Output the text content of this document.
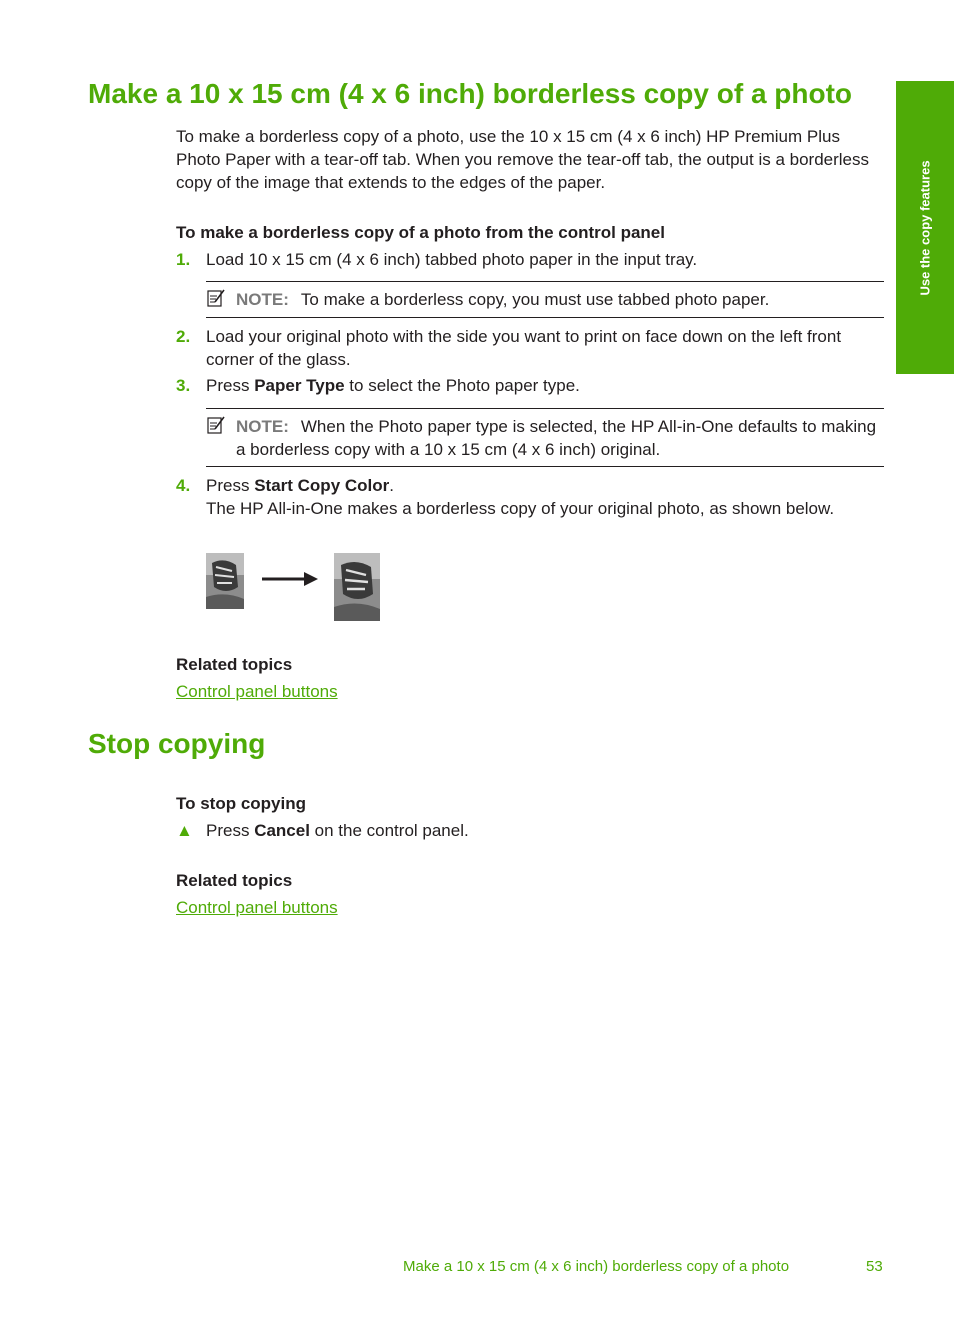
Use the copy features
Make a 10 x 15 cm (4 x 6 inch) borderless copy of a photo

To make a borderless copy of a photo, use the 10 x 15 cm (4 x 6 inch) HP Premium Plus Photo Paper with a tear-off tab. When you remove the tear-off tab, the output is a borderless copy of the image that extends to the edges of the paper.

To make a borderless copy of a photo from the control panel

1. Load 10 x 15 cm (4 x 6 inch) tabbed photo paper in the input tray.
NOTE: To make a borderless copy, you must use tabbed photo paper.
2. Load your original photo with the side you want to print on face down on the left front corner of the glass.
3. Press Paper Type to select the Photo paper type.
NOTE: When the Photo paper type is selected, the HP All-in-One defaults to making a borderless copy with a 10 x 15 cm (4 x 6 inch) original.
4. Press Start Copy Color.
The HP All-in-One makes a borderless copy of your original photo, as shown below.

Related topics

Control panel buttons
Stop copying

To stop copying

▲ Press Cancel on the control panel.

Related topics

Control panel buttons
Make a 10 x 15 cm (4 x 6 inch) borderless copy of a photo	53
